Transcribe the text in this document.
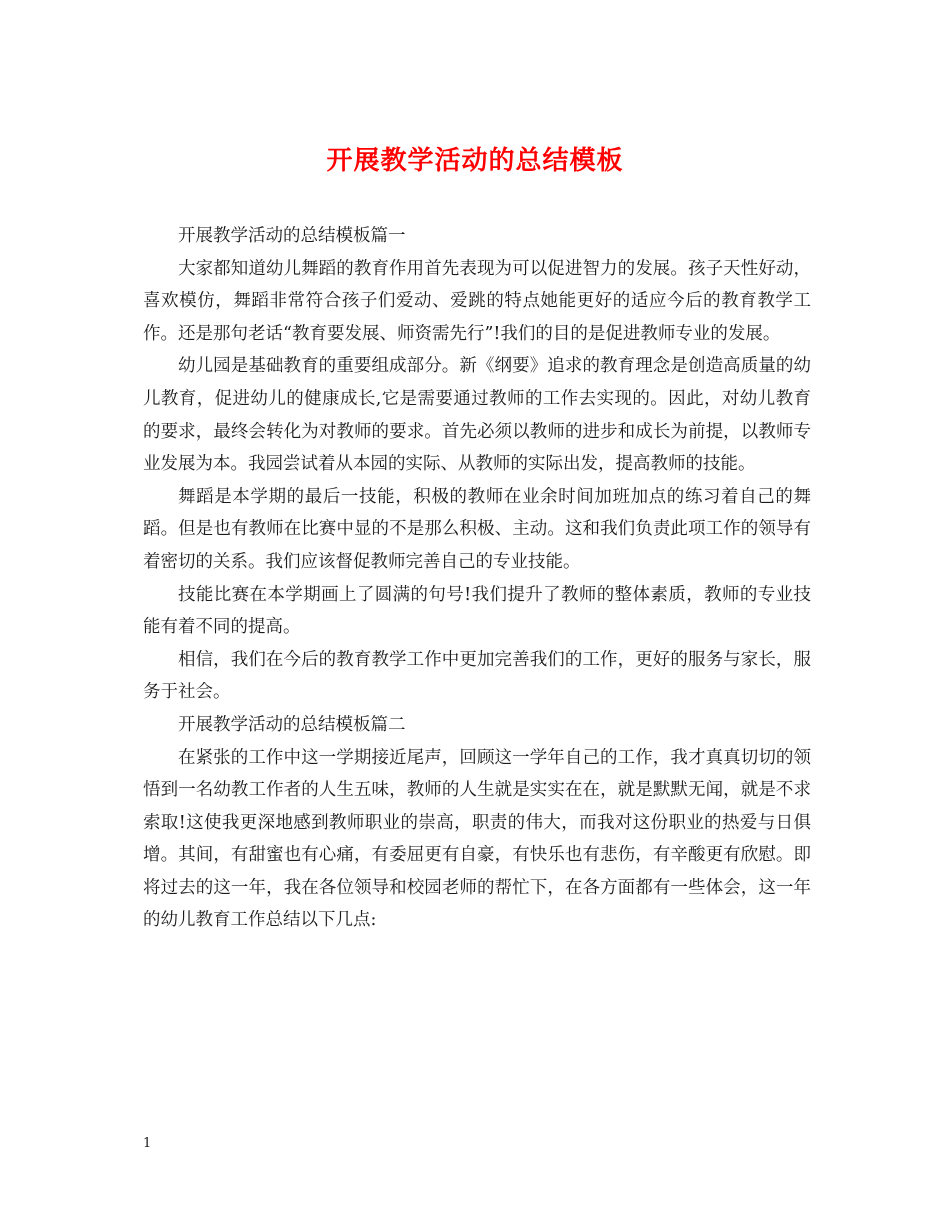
开展教学活动的总结模板

开展教学活动的总结模板篇一

大家都知道幼儿舞蹈的教育作用首先表现为可以促进智力的发展。孩子天性好动，喜欢模仿，舞蹈非常符合孩子们爱动、爱跳的特点她能更好的适应今后的教育教学工作。还是那句老话“教育要发展、师资需先行”!我们的目的是促进教师专业的发展。

幼儿园是基础教育的重要组成部分。新《纲要》追求的教育理念是创造高质量的幼儿教育，促进幼儿的健康成长,它是需要通过教师的工作去实现的。因此，对幼儿教育的要求，最终会转化为对教师的要求。首先必须以教师的进步和成长为前提，以教师专业发展为本。我园尝试着从本园的实际、从教师的实际出发，提高教师的技能。

舞蹈是本学期的最后一技能，积极的教师在业余时间加班加点的练习着自己的舞蹈。但是也有教师在比赛中显的不是那么积极、主动。这和我们负责此项工作的领导有着密切的关系。我们应该督促教师完善自己的专业技能。

技能比赛在本学期画上了圆满的句号!我们提升了教师的整体素质，教师的专业技能有着不同的提高。

相信，我们在今后的教育教学工作中更加完善我们的工作，更好的服务与家长，服务于社会。

开展教学活动的总结模板篇二

在紧张的工作中这一学期接近尾声，回顾这一学年自己的工作，我才真真切切的领悟到一名幼教工作者的人生五味，教师的人生就是实实在在，就是默默无闻，就是不求索取!这使我更深地感到教师职业的崇高，职责的伟大，而我对这份职业的热爱与日俱增。其间，有甜蜜也有心痛，有委屈更有自豪，有快乐也有悲伤，有辛酸更有欣慰。即将过去的这一年，我在各位领导和校园老师的帮忙下，在各方面都有一些体会，这一年的幼儿教育工作总结以下几点:

1
